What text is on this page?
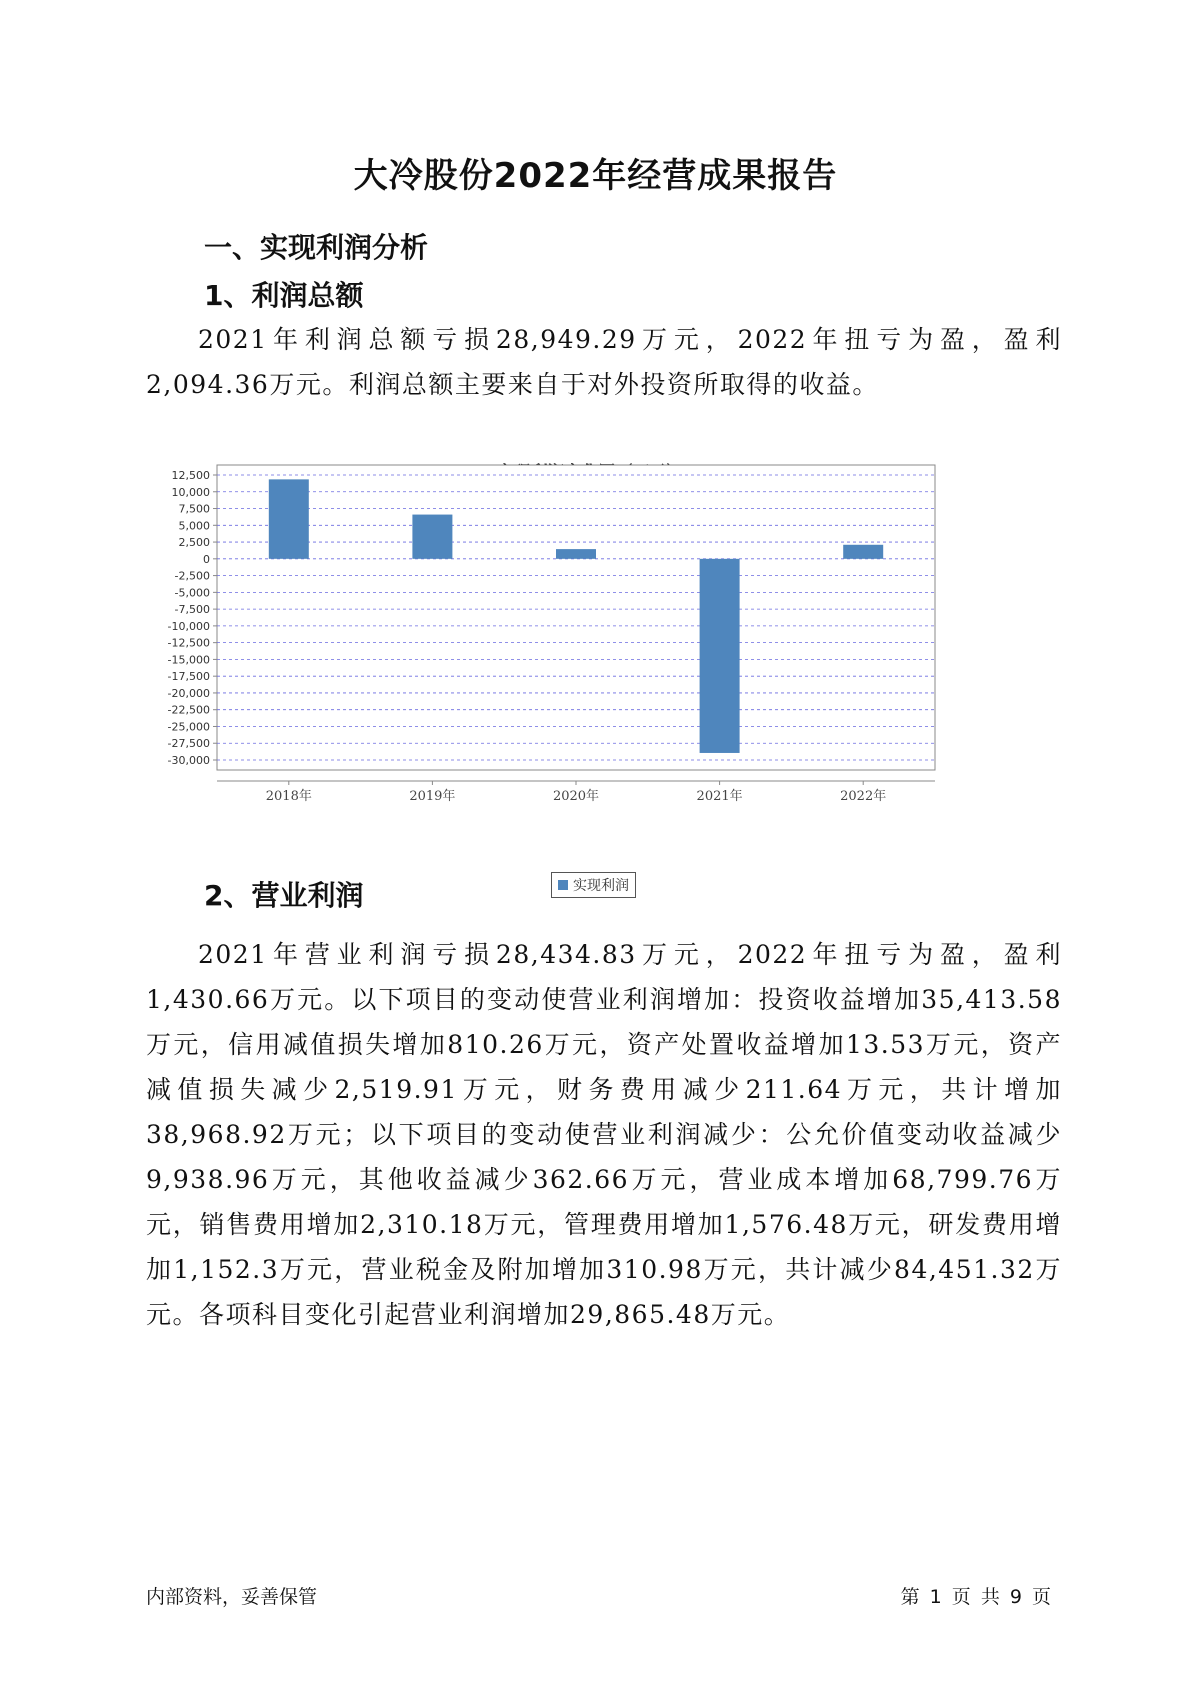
大冷股份2022年经营成果报告
一、实现利润分析
1、利润总额

2021年利润总额亏损28,949.29万元，2022年扭亏为盈，盈利2,094.36万元。利润总额主要来自于对外投资所取得的收益。

12,500
10,000
7,500
5,000
2,500
0
-2,500
-5,000
-7,500
-10,000
-12,500
-15,000
-17,500
-20,000
-22,500
-25,000
-27,500
-30,000
2018年	2019年	2020年	2021年	2022年
实现利润
2、营业利润

2021年营业利润亏损28,434.83万元，2022年扭亏为盈，盈利1,430.66万元。以下项目的变动使营业利润增加：投资收益增加35,413.58万元，信用减值损失增加810.26万元，资产处置收益增加13.53万元，资产减值损失减少2,519.91万元，财务费用减少211.64万元，共计增加38,968.92万元；以下项目的变动使营业利润减少：公允价值变动收益减少9,938.96万元，其他收益减少362.66万元，营业成本增加68,799.76万元，销售费用增加2,310.18万元，管理费用增加1,576.48万元，研发费用增加1,152.3万元，营业税金及附加增加310.98万元，共计减少84,451.32万元。各项科目变化引起营业利润增加29,865.48万元。

内部资料，妥善保管	第 1 页 共 9 页
